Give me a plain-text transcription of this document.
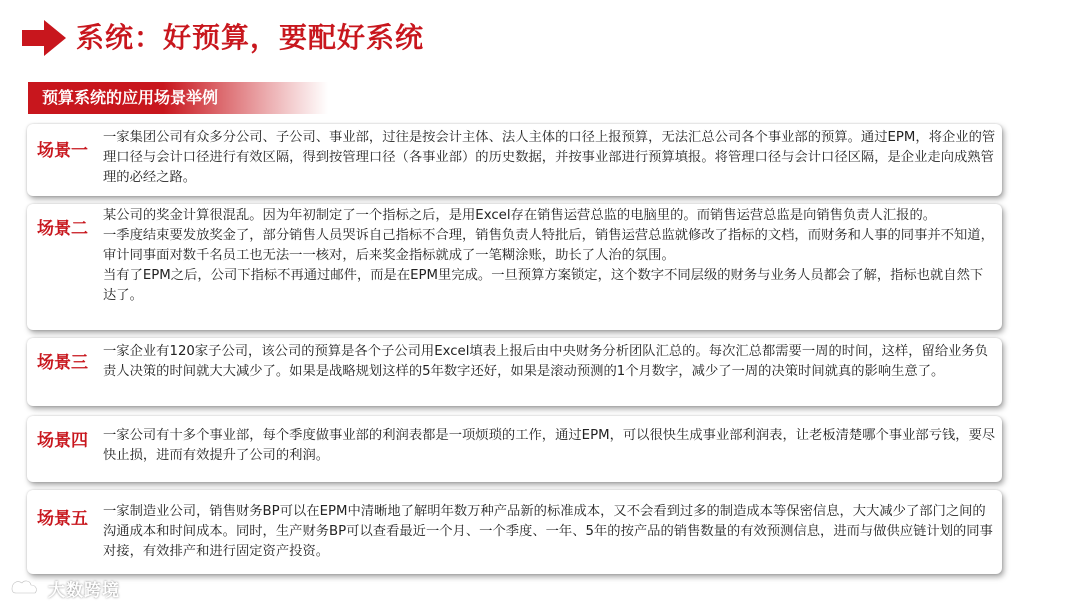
系统：好预算，要配好系统
预算系统的应用场景举例
场景一

一家集团公司有众多分公司、子公司、事业部，过往是按会计主体、法人主体的口径上报预算，无法汇总公司各个事业部的预算。通过EPM，将企业的管理口径与会计口径进行有效区隔，得到按管理口径（各事业部）的历史数据，并按事业部进行预算填报。将管理口径与会计口径区隔，是企业走向成熟管理的必经之路。

场景二

某公司的奖金计算很混乱。因为年初制定了一个指标之后，是用Excel存在销售运营总监的电脑里的。而销售运营总监是向销售负责人汇报的。

一季度结束要发放奖金了，部分销售人员哭诉自己指标不合理，销售负责人特批后，销售运营总监就修改了指标的文档，而财务和人事的同事并不知道，审计同事面对数千名员工也无法一一核对，后来奖金指标就成了一笔糊涂账，助长了人治的氛围。

当有了EPM之后，公司下指标不再通过邮件，而是在EPM里完成。一旦预算方案锁定，这个数字不同层级的财务与业务人员都会了解，指标也就自然下达了。

场景三

一家企业有120家子公司，该公司的预算是各个子公司用Excel填表上报后由中央财务分析团队汇总的。每次汇总都需要一周的时间，这样，留给业务负责人决策的时间就大大减少了。如果是战略规划这样的5年数字还好，如果是滚动预测的1个月数字，减少了一周的决策时间就真的影响生意了。

场景四 一家公司有十多个事业部，每个季度做事业部的利润表都是一项烦琐的工作，通过EPM，可以很快生成事业部利润表，让老板清楚哪个事业部亏钱，要尽快止损，进而有效提升了公司的利润。

场景五 一家制造业公司，销售财务BP可以在EPM中清晰地了解明年数万种产品新的标准成本，又不会看到过多的制造成本等保密信息，大大减少了部门之间的沟通成本和时间成本。同时，生产财务BP可以查看最近一个月、一个季度、一年、5年的按产品的销售数量的有效预测信息，进而与做供应链计划的同事对接，有效排产和进行固定资产投资。

大数跨境
